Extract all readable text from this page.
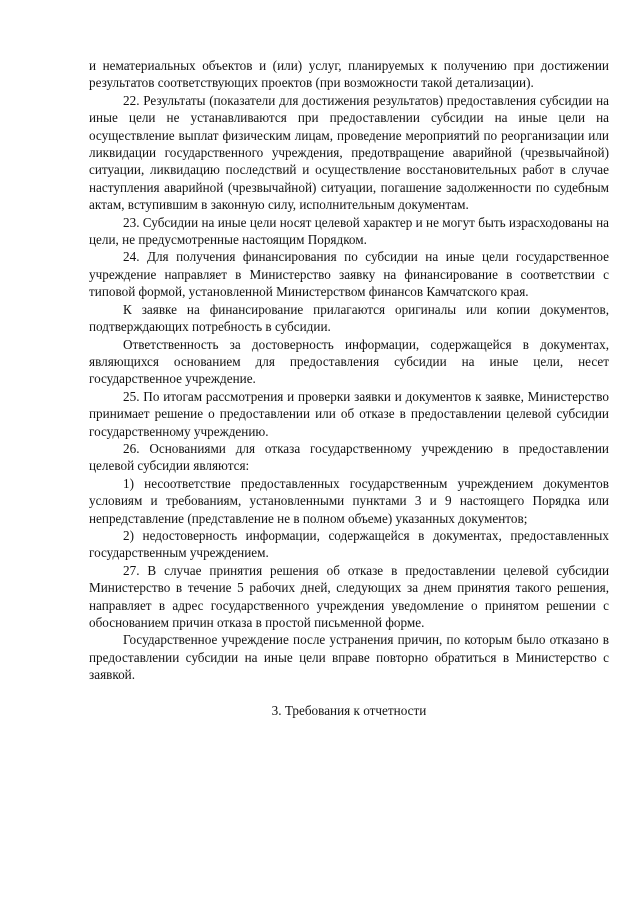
и нематериальных объектов и (или) услуг, планируемых к получению при достижении результатов соответствующих проектов (при возможности такой детализации).

22. Результаты (показатели для достижения результатов) предоставления субсидии на иные цели не устанавливаются при предоставлении субсидии на иные цели на осуществление выплат физическим лицам, проведение мероприятий по реорганизации или ликвидации государственного учреждения, предотвращение аварийной (чрезвычайной) ситуации, ликвидацию последствий и осуществление восстановительных работ в случае наступления аварийной (чрезвычайной) ситуации, погашение задолженности по судебным актам, вступившим в законную силу, исполнительным документам.

23. Субсидии на иные цели носят целевой характер и не могут быть израсходованы на цели, не предусмотренные настоящим Порядком.

24. Для получения финансирования по субсидии на иные цели государственное учреждение направляет в Министерство заявку на финансирование в соответствии с типовой формой, установленной Министерством финансов Камчатского края.

К заявке на финансирование прилагаются оригиналы или копии документов, подтверждающих потребность в субсидии.

Ответственность за достоверность информации, содержащейся в документах, являющихся основанием для предоставления субсидии на иные цели, несет государственное учреждение.

25. По итогам рассмотрения и проверки заявки и документов к заявке, Министерство принимает решение о предоставлении или об отказе в предоставлении целевой субсидии государственному учреждению.

26. Основаниями для отказа государственному учреждению в предоставлении целевой субсидии являются:

1) несоответствие предоставленных государственным учреждением документов условиям и требованиям, установленными пунктами 3 и 9 настоящего Порядка или непредставление (представление не в полном объеме) указанных документов;

2) недостоверность информации, содержащейся в документах, предоставленных государственным учреждением.

27. В случае принятия решения об отказе в предоставлении целевой субсидии Министерство в течение 5 рабочих дней, следующих за днем принятия такого решения, направляет в адрес государственного учреждения уведомление о принятом решении с обоснованием причин отказа в простой письменной форме.

Государственное учреждение после устранения причин, по которым было отказано в предоставлении субсидии на иные цели вправе повторно обратиться в Министерство с заявкой.

3. Требования к отчетности
